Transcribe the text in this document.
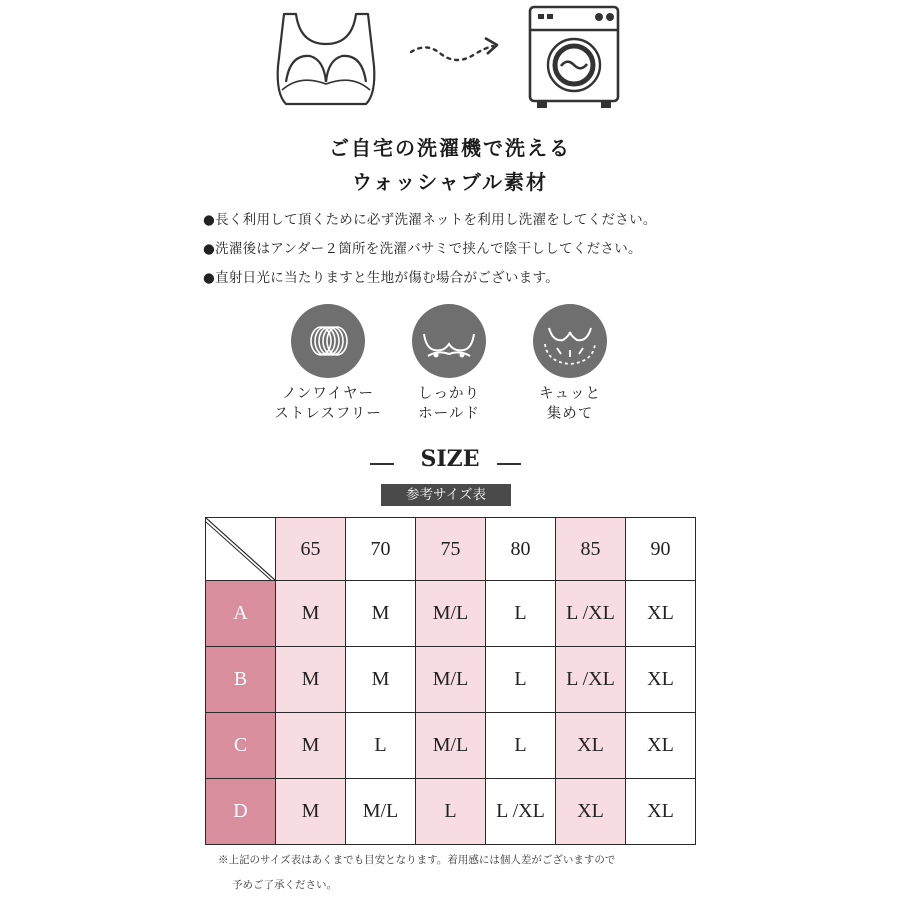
ご自宅の洗濯機で洗える
ウォッシャブル素材
●長く利用して頂くために必ず洗濯ネットを利用し洗濯をしてください。
●洗濯後はアンダー２箇所を洗濯バサミで挟んで陰干ししてください。
●直射日光に当たりますと生地が傷む場合がございます。
ノンワイヤー
ストレスフリー
しっかり
ホールド
キュッと
集めて
SIZE
参考サイズ表
	65	70	75	80	85	90
A	M	M	M/L	L	L /XL	XL
B	M	M	M/L	L	L /XL	XL
C	M	L	M/L	L	XL	XL
D	M	M/L	L	L /XL	XL	XL
※上記のサイズ表はあくまでも目安となります。着用感には個人差がございますので
予めご了承ください。
